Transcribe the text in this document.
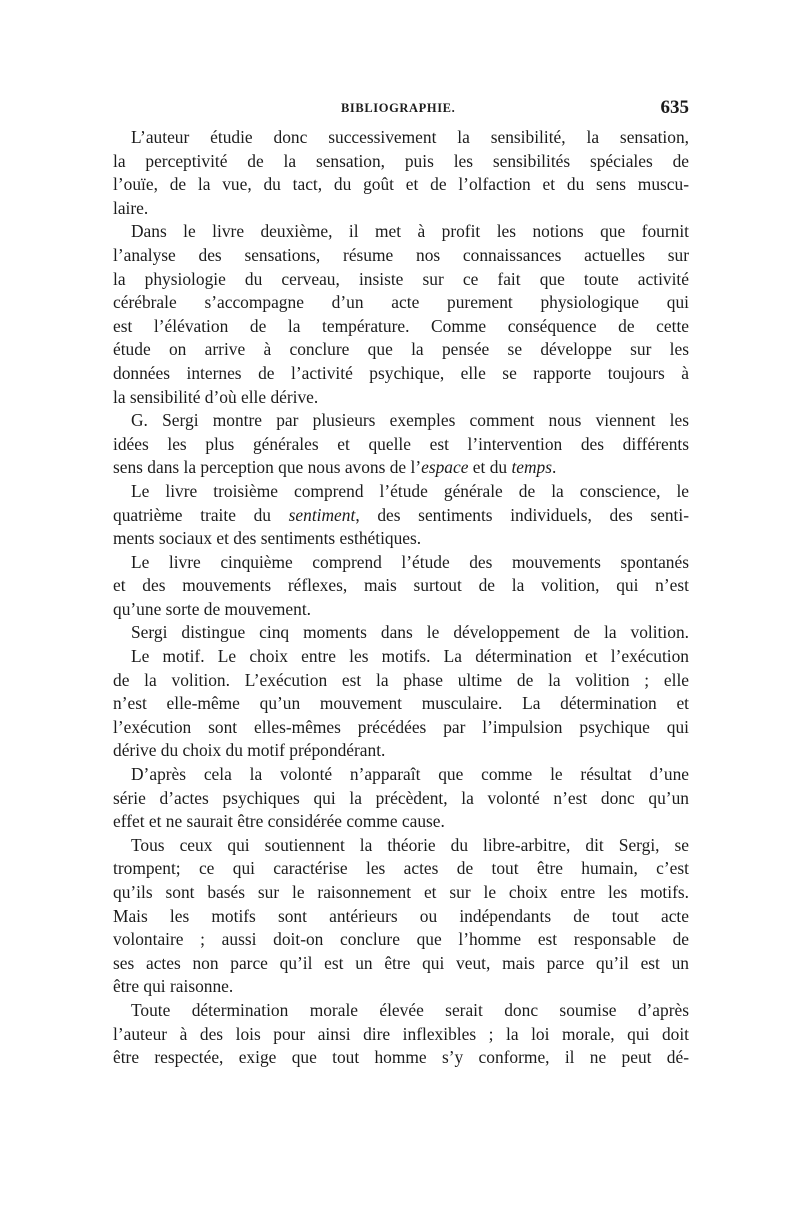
BIBLIOGRAPHIE.	635
L’auteur étudie donc successivement la sensibilité, la sensation,
la perceptivité de la sensation, puis les sensibilités spéciales de
l’ouïe, de la vue, du tact, du goût et de l’olfaction et du sens muscu-
laire.
Dans le livre deuxième, il met à profit les notions que fournit
l’analyse des sensations, résume nos connaissances actuelles sur
la physiologie du cerveau, insiste sur ce fait que toute activité
cérébrale s’accompagne d’un acte purement physiologique qui
est l’élévation de la température. Comme conséquence de cette
étude on arrive à conclure que la pensée se développe sur les
données internes de l’activité psychique, elle se rapporte toujours à
la sensibilité d’où elle dérive.
G. Sergi montre par plusieurs exemples comment nous viennent les
idées les plus générales et quelle est l’intervention des différents
sens dans la perception que nous avons de l’espace et du temps.
Le livre troisième comprend l’étude générale de la conscience, le
quatrième traite du sentiment, des sentiments individuels, des senti-
ments sociaux et des sentiments esthétiques.
Le livre cinquième comprend l’étude des mouvements spontanés
et des mouvements réflexes, mais surtout de la volition, qui n’est
qu’une sorte de mouvement.
Sergi distingue cinq moments dans le développement de la volition.
Le motif. Le choix entre les motifs. La détermination et l’exécution
de la volition. L’exécution est la phase ultime de la volition ; elle
n’est elle-même qu’un mouvement musculaire. La détermination et
l’exécution sont elles-mêmes précédées par l’impulsion psychique qui
dérive du choix du motif prépondérant.
D’après cela la volonté n’apparaît que comme le résultat d’une
série d’actes psychiques qui la précèdent, la volonté n’est donc qu’un
effet et ne saurait être considérée comme cause.
Tous ceux qui soutiennent la théorie du libre-arbitre, dit Sergi, se
trompent; ce qui caractérise les actes de tout être humain, c’est
qu’ils sont basés sur le raisonnement et sur le choix entre les motifs.
Mais les motifs sont antérieurs ou indépendants de tout acte
volontaire ; aussi doit-on conclure que l’homme est responsable de
ses actes non parce qu’il est un être qui veut, mais parce qu’il est un
être qui raisonne.
Toute détermination morale élevée serait donc soumise d’après
l’auteur à des lois pour ainsi dire inflexibles ; la loi morale, qui doit
être respectée, exige que tout homme s’y conforme, il ne peut dé-
